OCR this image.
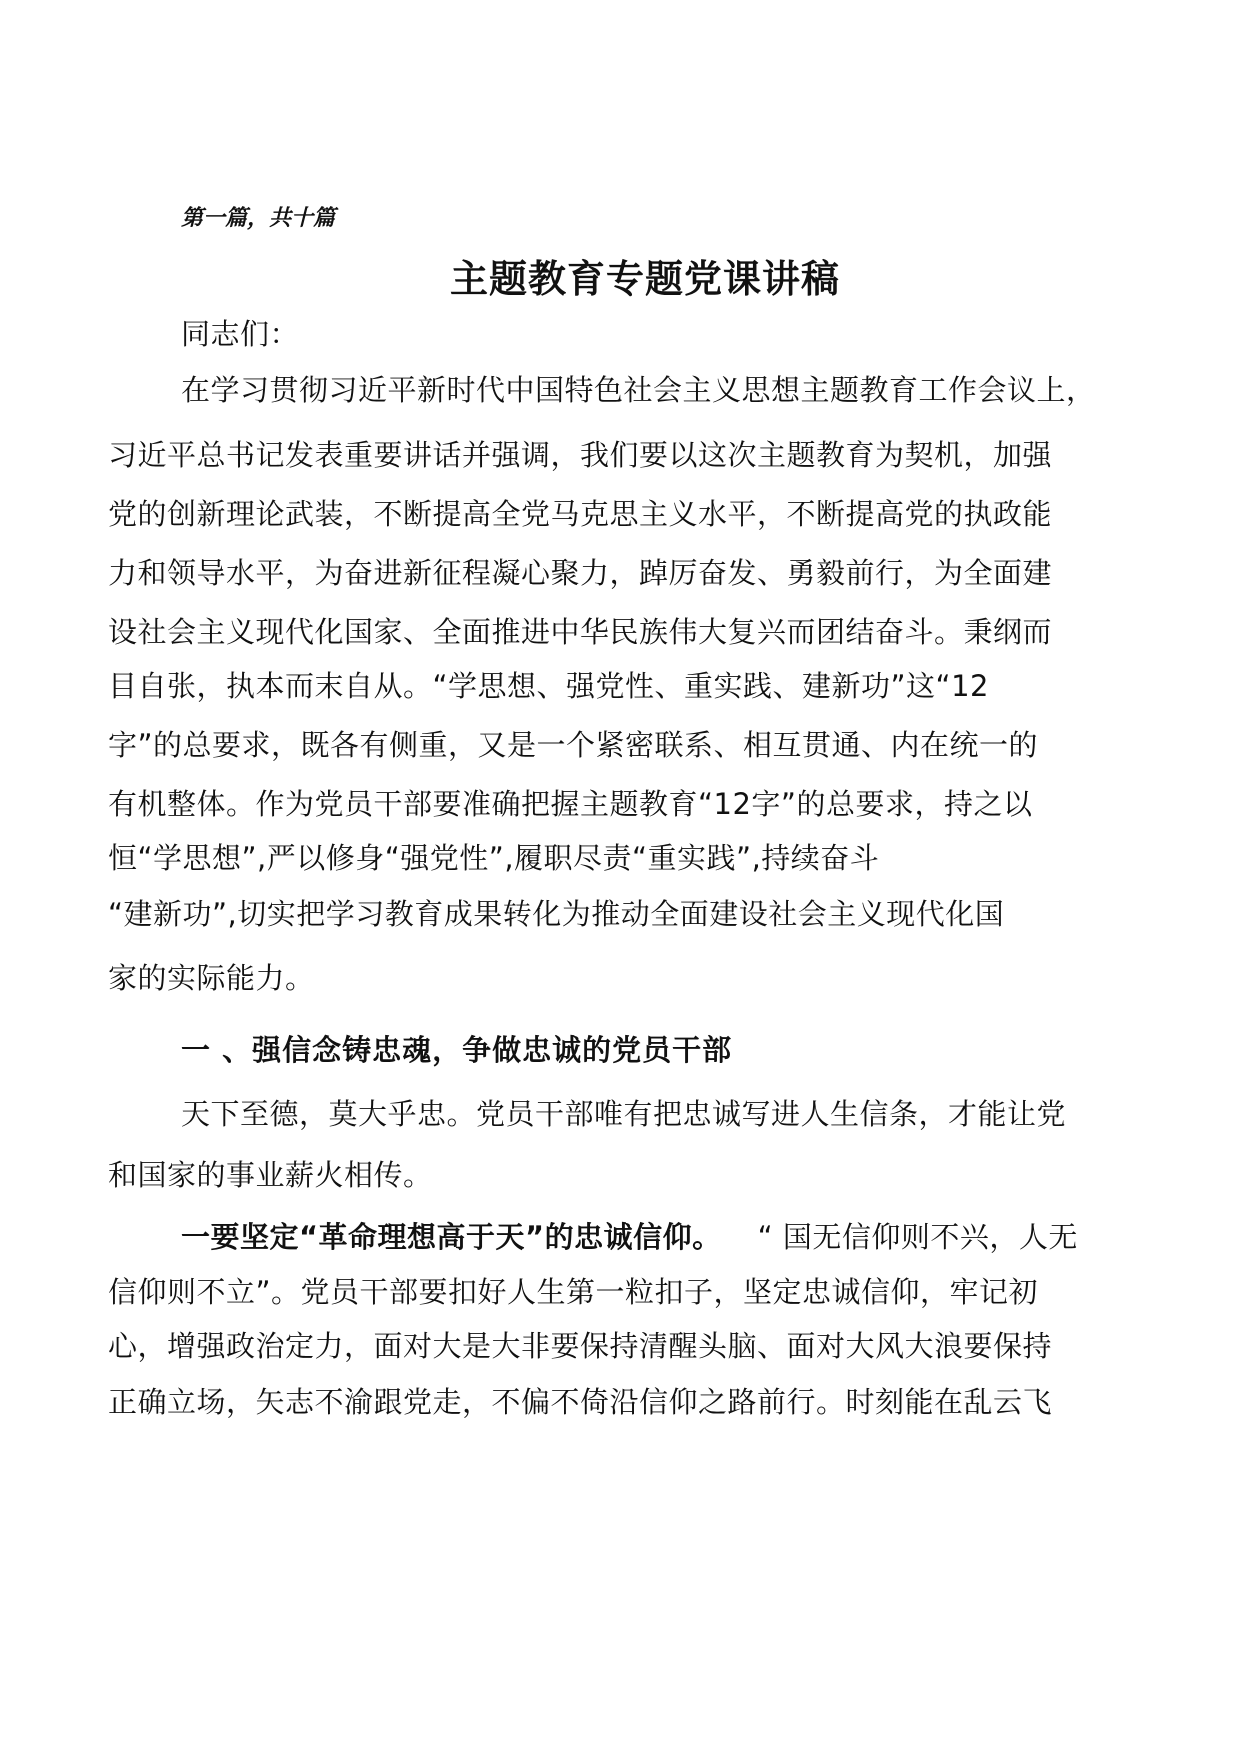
第一篇，共十篇
主题教育专题党课讲稿
同志们：
在学习贯彻习近平新时代中国特色社会主义思想主题教育工作会议上，
习近平总书记发表重要讲话并强调，我们要以这次主题教育为契机，加强
党的创新理论武装，不断提高全党马克思主义水平，不断提高党的执政能
力和领导水平，为奋进新征程凝心聚力，踔厉奋发、勇毅前行，为全面建
设社会主义现代化国家、全面推进中华民族伟大复兴而团结奋斗。秉纲而
目自张，执本而末自从。“学思想、强党性、重实践、建新功”这“12
字”的总要求，既各有侧重，又是一个紧密联系、相互贯通、内在统一的
有机整体。作为党员干部要准确把握主题教育“12字”的总要求，持之以
恒“学思想”,严以修身“强党性”,履职尽责“重实践”,持续奋斗
“建新功”,切实把学习教育成果转化为推动全面建设社会主义现代化国
家的实际能力。
一 、强信念铸忠魂，争做忠诚的党员干部
天下至德，莫大乎忠。党员干部唯有把忠诚写进人生信条，才能让党
和国家的事业薪火相传。
一要坚定“革命理想高于天”的忠诚信仰。 “ 国无信仰则不兴，人无
信仰则不立”。党员干部要扣好人生第一粒扣子，坚定忠诚信仰，牢记初
心，增强政治定力，面对大是大非要保持清醒头脑、面对大风大浪要保持
正确立场，矢志不渝跟党走，不偏不倚沿信仰之路前行。时刻能在乱云飞
